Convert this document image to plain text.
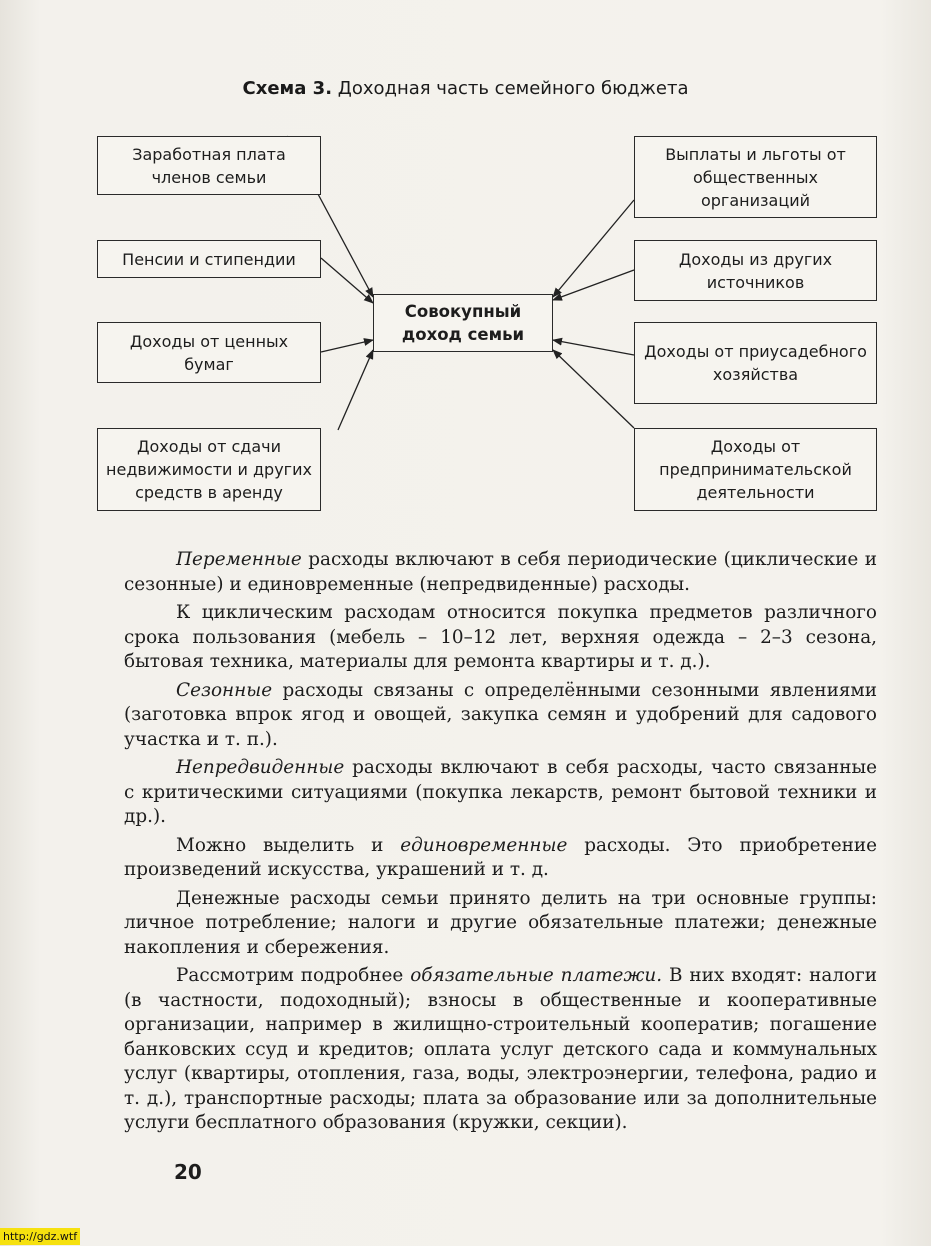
Схема 3. Доходная часть семейного бюджета
Заработная плата членов семьи
Пенсии и стипендии
Доходы от ценных бумаг
Доходы от сдачи недвижимости и других средств в аренду
Совокупный доход семьи
Выплаты и льготы от общественных организаций
Доходы из других источников
Доходы от приусадебного хозяйства
Доходы от предпринимательской деятельности

Переменные расходы включают в себя периодические (циклические и сезонные) и единовременные (непредвиденные) расходы.

К циклическим расходам относится покупка предметов различного срока пользования (мебель – 10–12 лет, верхняя одежда – 2–3 сезона, бытовая техника, материалы для ремонта квартиры и т. д.).

Сезонные расходы связаны с определёнными сезонными явлениями (заготовка впрок ягод и овощей, закупка семян и удобрений для садового участка и т. п.).

Непредвиденные расходы включают в себя расходы, часто связанные с критическими ситуациями (покупка лекарств, ремонт бытовой техники и др.).

Можно выделить и единовременные расходы. Это приобретение произведений искусства, украшений и т. д.

Денежные расходы семьи принято делить на три основные группы: личное потребление; налоги и другие обязательные платежи; денежные накопления и сбережения.

Рассмотрим подробнее обязательные платежи. В них входят: налоги (в частности, подоходный); взносы в общественные и кооперативные организации, например в жилищно-строительный кооператив; погашение банковских ссуд и кредитов; оплата услуг детского сада и коммунальных услуг (квартиры, отопления, газа, воды, электроэнергии, телефона, радио и т. д.), транспортные расходы; плата за образование или за дополнительные услуги бесплатного образования (кружки, секции).

20
http://gdz.wtf
